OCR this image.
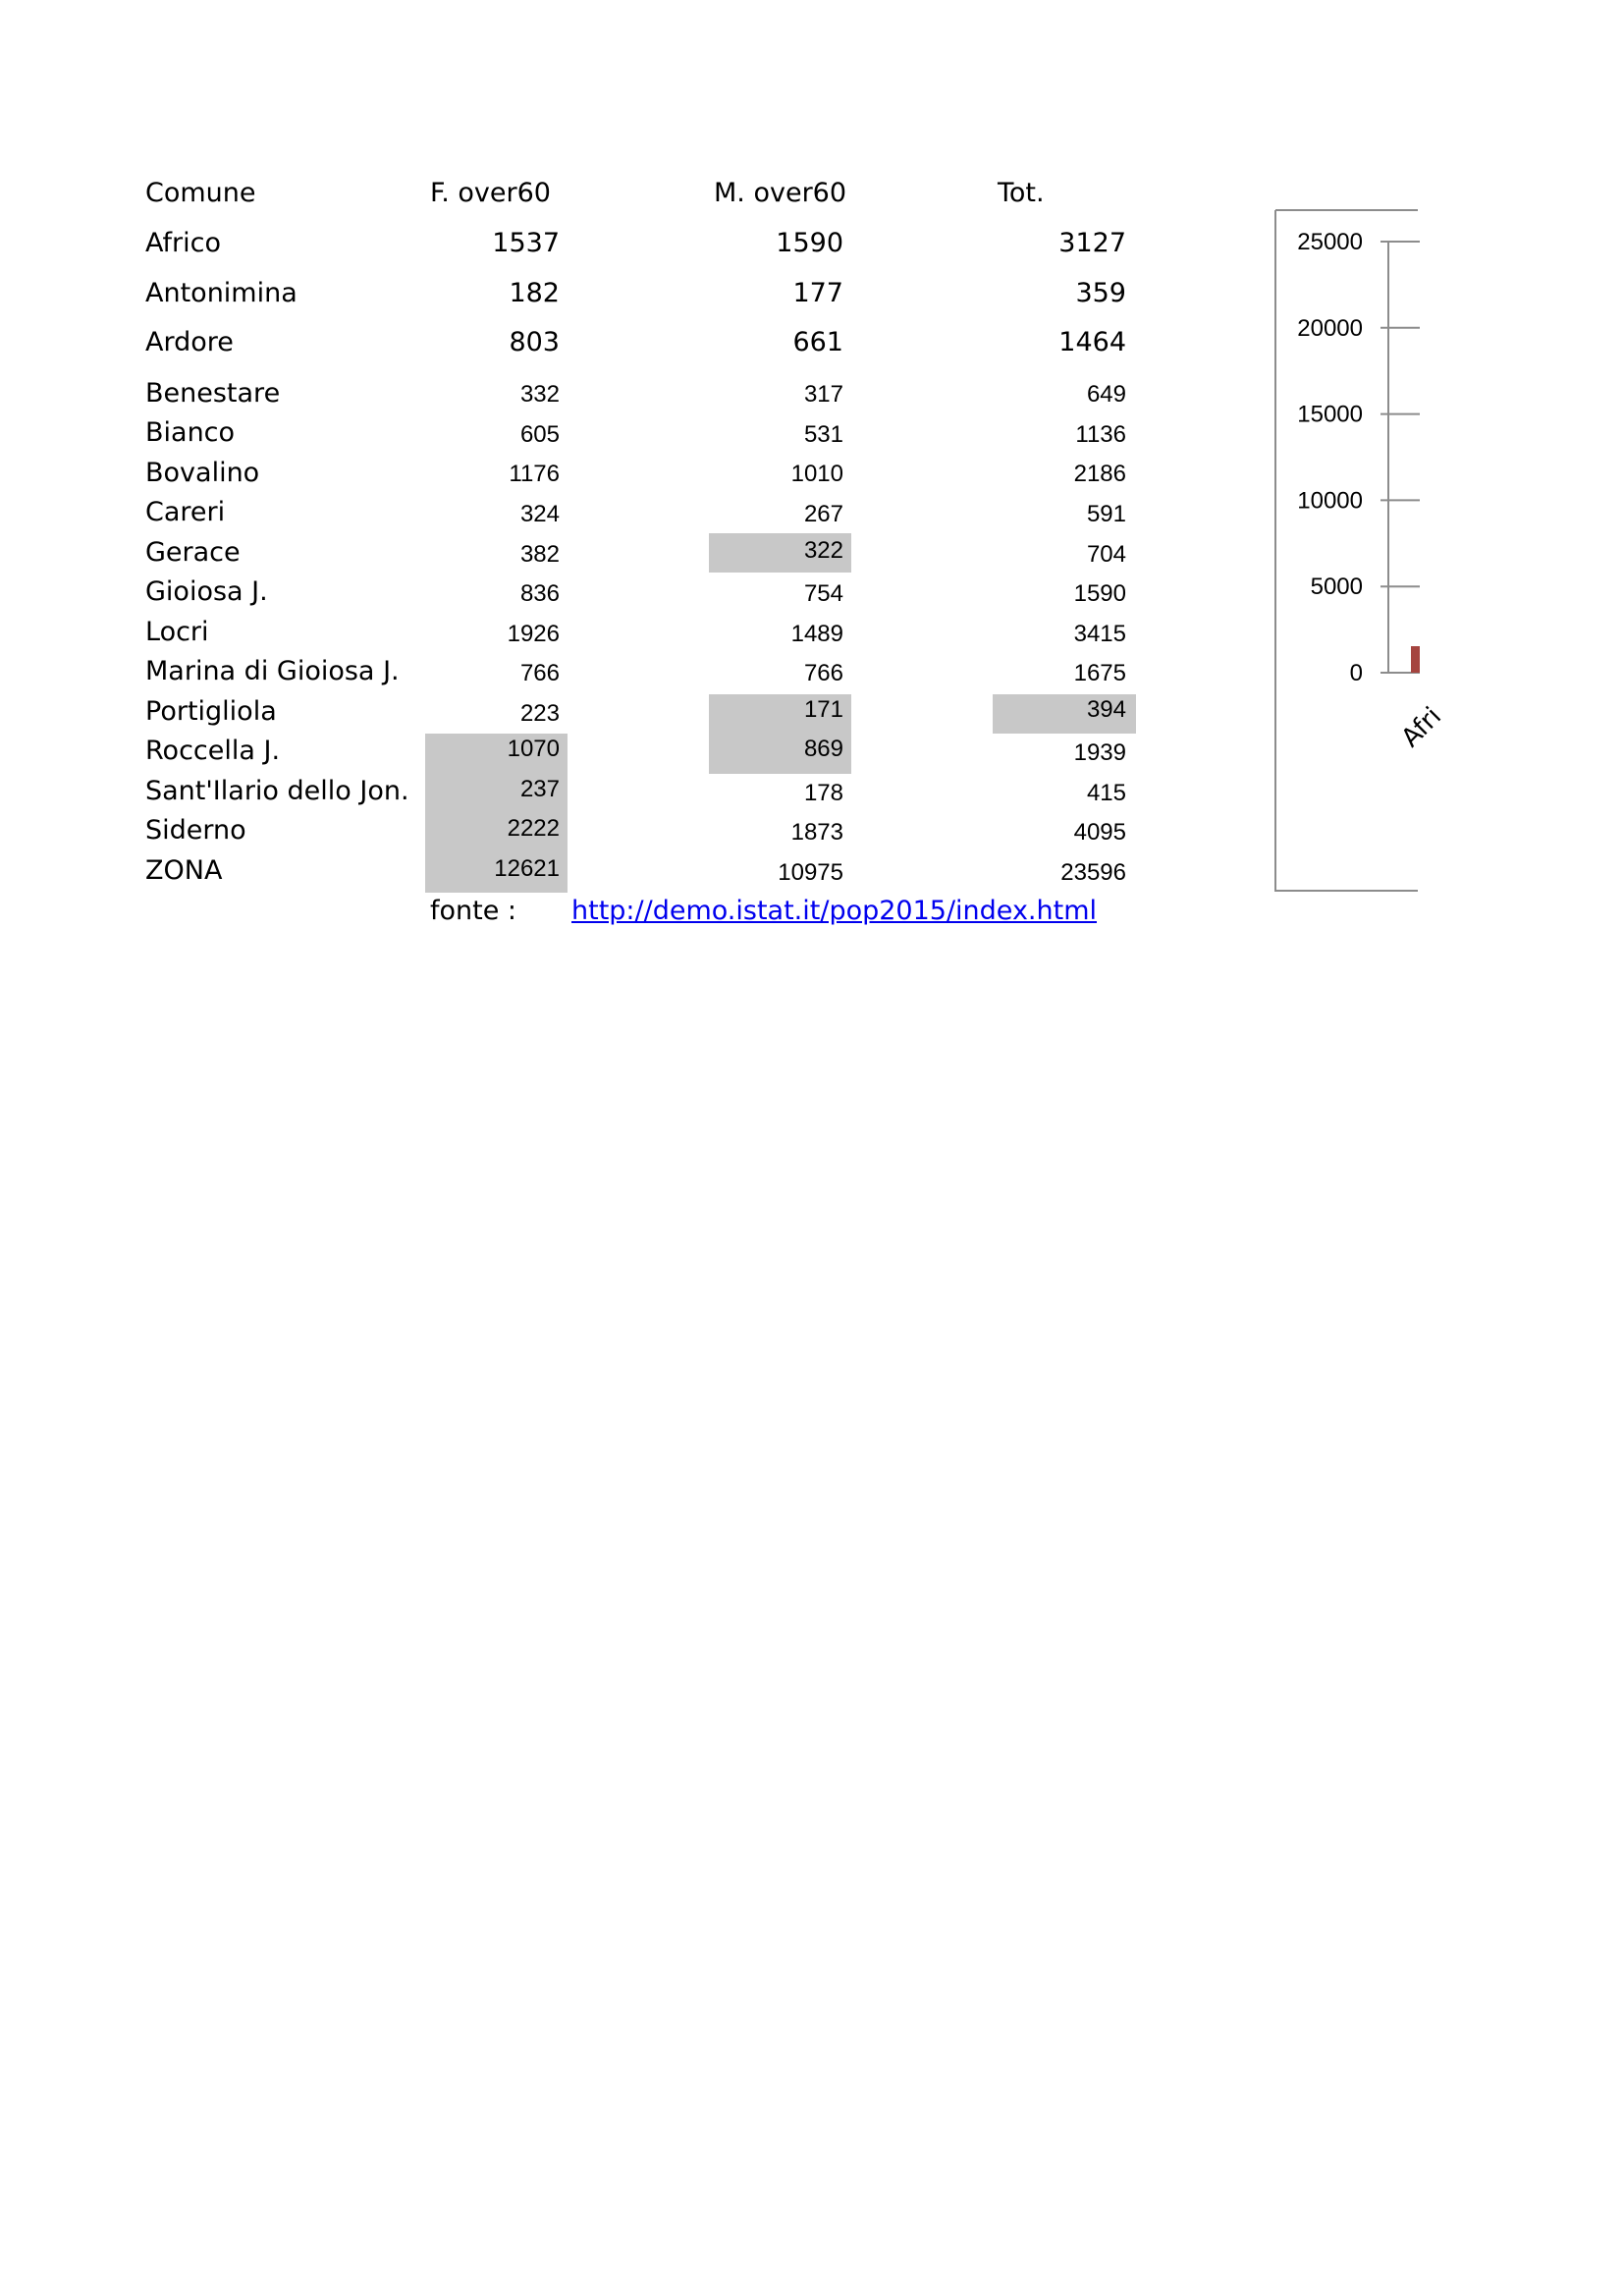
Comune	F. over60	M. over60	Tot.
Africo	1537	1590	3127
Antonimina	182	177	359
Ardore	803	661	1464
Benestare	332	317	649
Bianco	605	531	1136
Bovalino	1176	1010	2186
Careri	324	267	591
Gerace	382	322	704
Gioiosa J.	836	754	1590
Locri	1926	1489	3415
Marina di Gioiosa J.	766	766	1675
Portigliola	223	171	394
Roccella J.	1070	869	1939
Sant'Ilario dello Jon.	237	178	415
Siderno	2222	1873	4095
ZONA	12621	10975	23596
fonte : http://demo.istat.it/pop2015/index.html
25000
20000
15000
10000
5000
0
Afri
